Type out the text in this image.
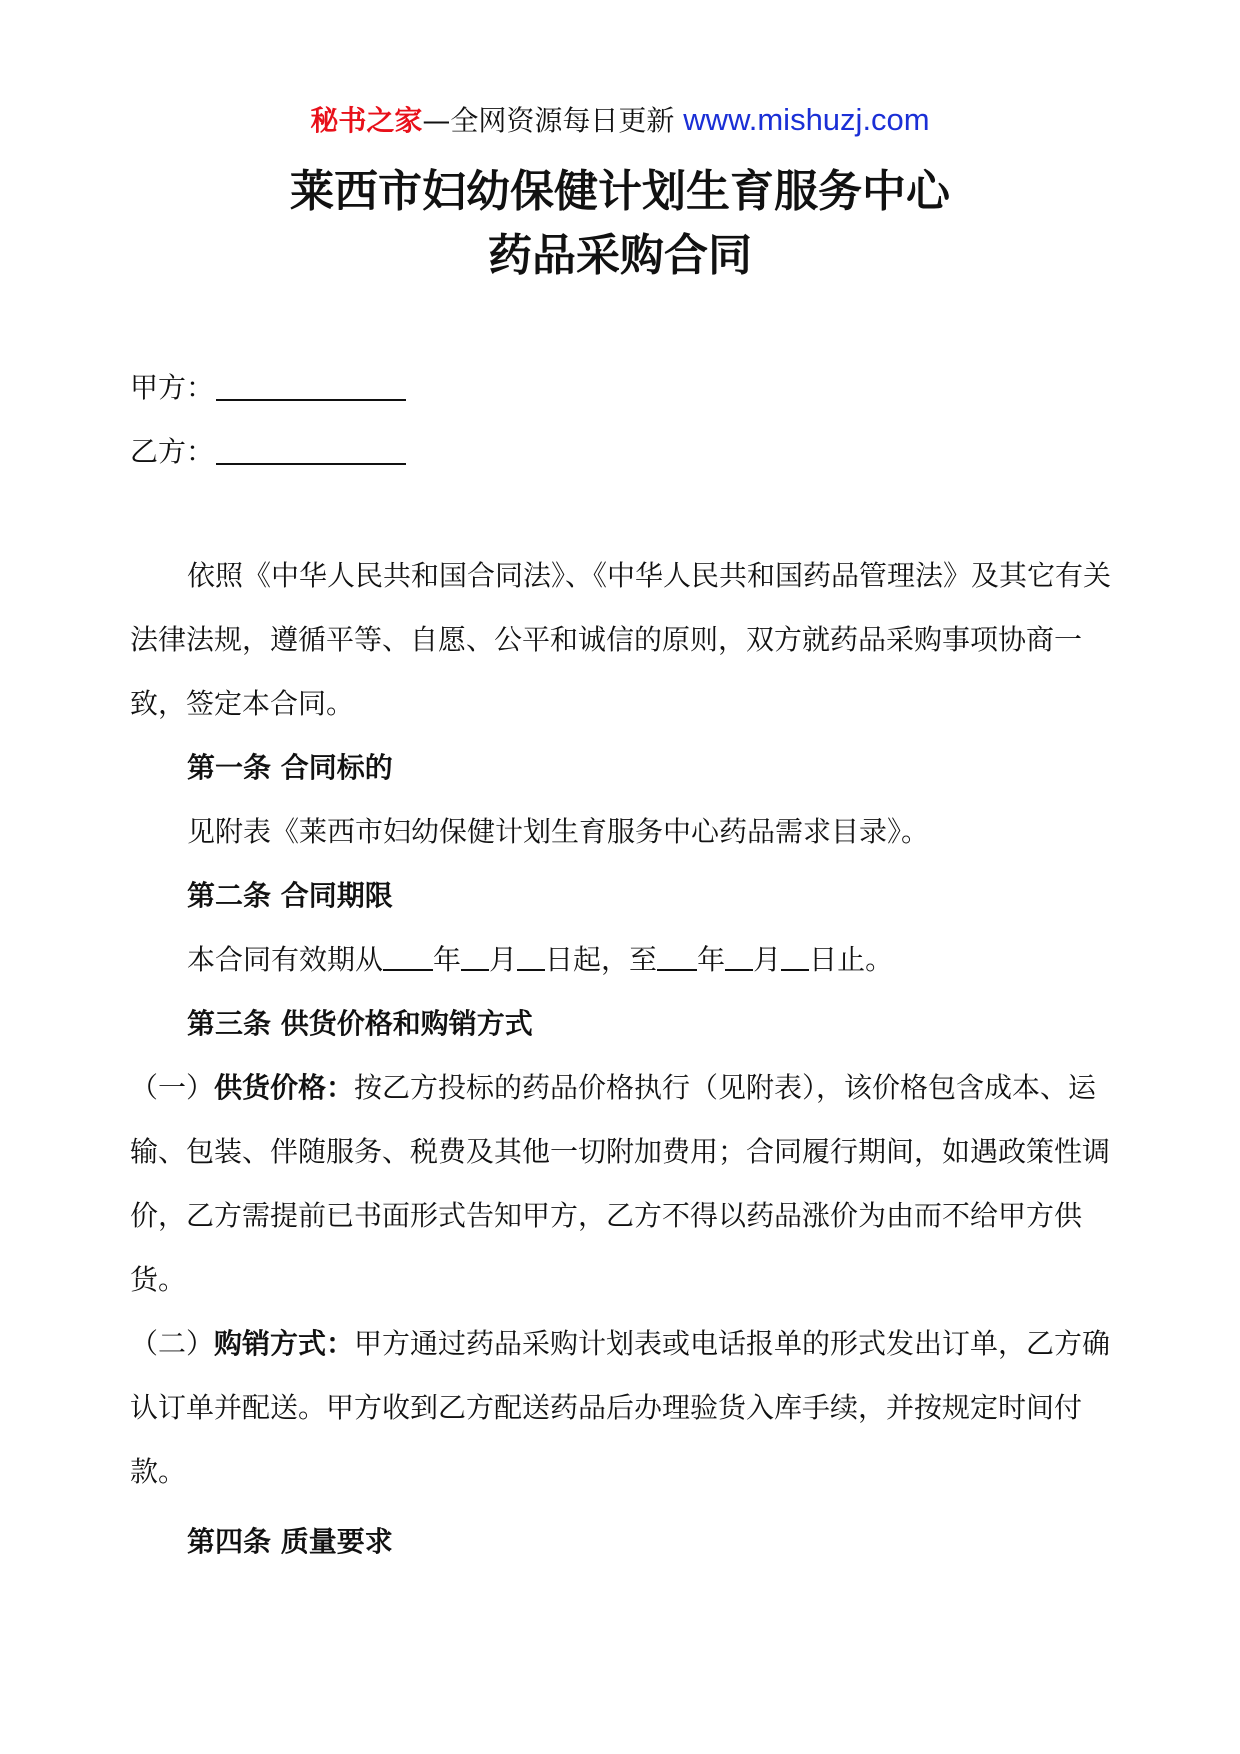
秘书之家—全网资源每日更新 www.mishuzj.com
莱西市妇幼保健计划生育服务中心
药品采购合同
甲方：
乙方：

依照《中华人民共和国合同法》、《中华人民共和国药品管理法》及其它有关法律法规，遵循平等、自愿、公平和诚信的原则，双方就药品采购事项协商一致，签定本合同。

第一条 合同标的

见附表《莱西市妇幼保健计划生育服务中心药品需求目录》。

第二条 合同期限

本合同有效期从 年 月 日起，至 年 月 日止。

第三条 供货价格和购销方式

（一）供货价格：按乙方投标的药品价格执行（见附表），该价格包含成本、运输、包装、伴随服务、税费及其他一切附加费用；合同履行期间，如遇政策性调价，乙方需提前已书面形式告知甲方，乙方不得以药品涨价为由而不给甲方供货。

（二）购销方式：甲方通过药品采购计划表或电话报单的形式发出订单，乙方确认订单并配送。甲方收到乙方配送药品后办理验货入库手续，并按规定时间付款。

第四条 质量要求
